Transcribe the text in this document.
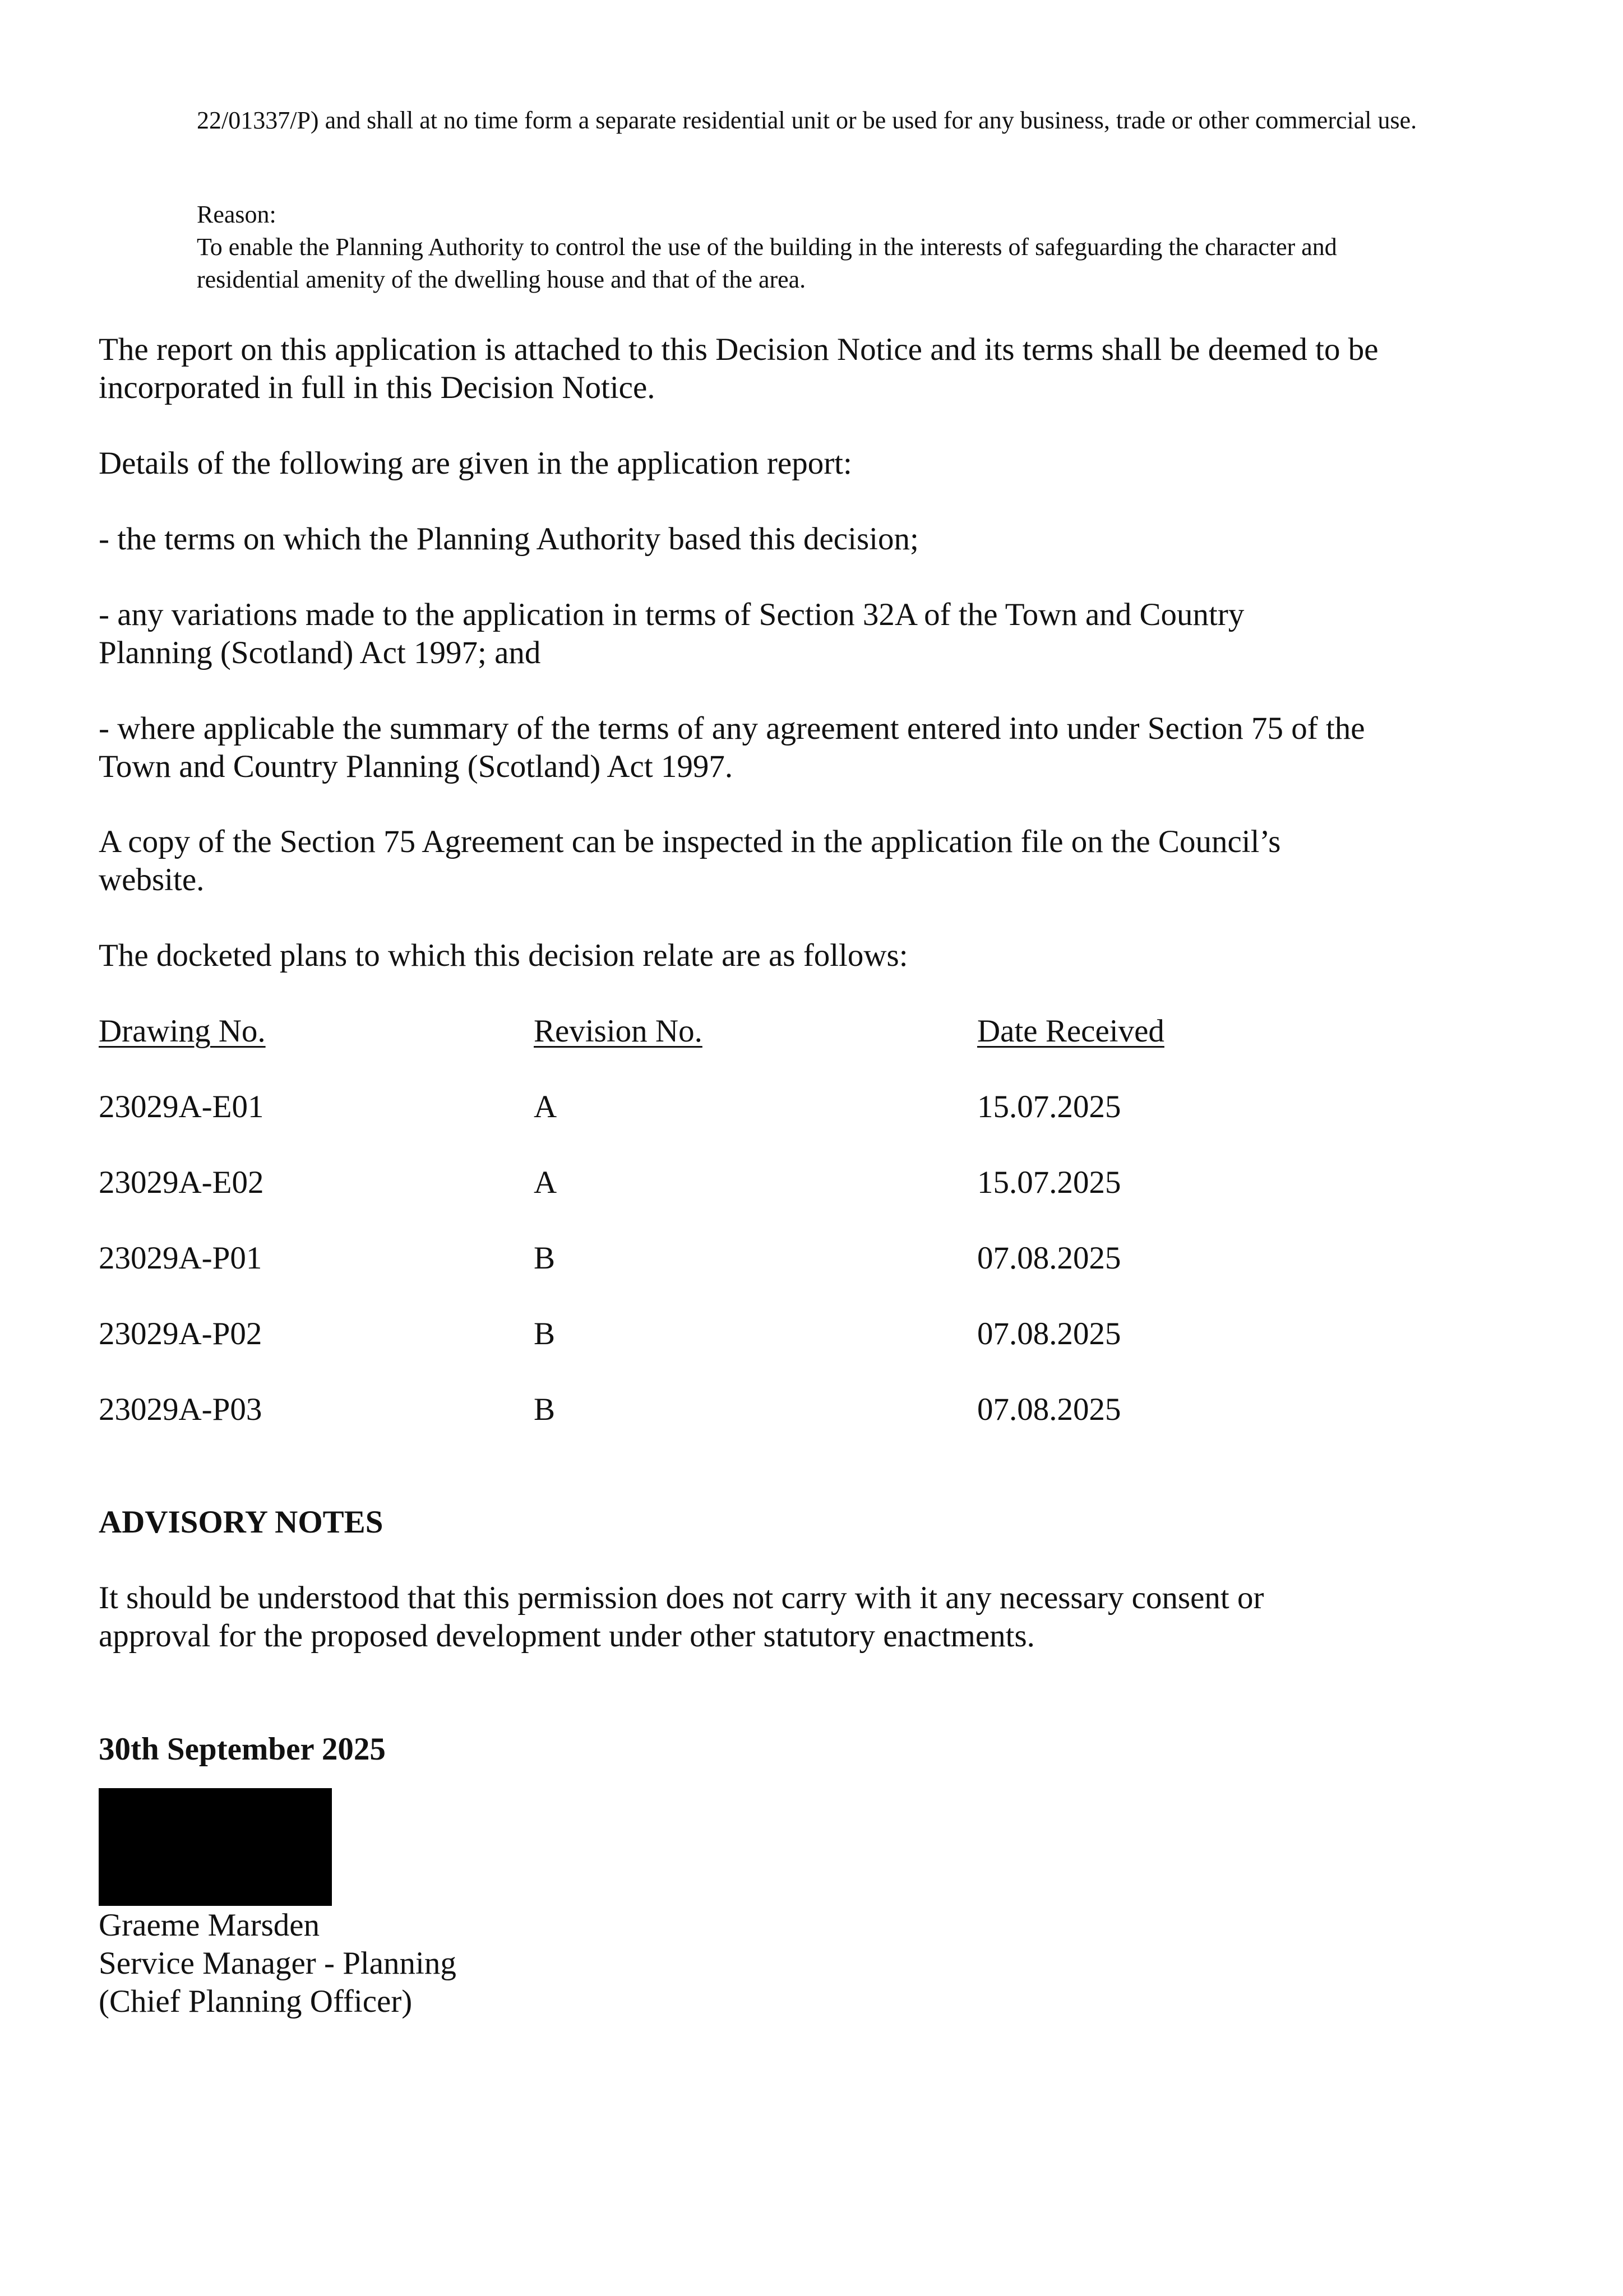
22/01337/P) and shall at no time form a separate residential unit or be used for any business, trade or other commercial use.
Reason:
To enable the Planning Authority to control the use of the building in the interests of safeguarding the character and residential amenity of the dwelling house and that of the area.
The report on this application is attached to this Decision Notice and its terms shall be deemed to be incorporated in full in this Decision Notice.
Details of the following are given in the application report:
- the terms on which the Planning Authority based this decision;
- any variations made to the application in terms of Section 32A of the Town and Country Planning (Scotland) Act 1997; and
- where applicable the summary of the terms of any agreement entered into under Section 75 of the Town and Country Planning (Scotland) Act 1997.
A copy of the Section 75 Agreement can be inspected in the application file on the Council’s website.
The docketed plans to which this decision relate are as follows:
Drawing No.	Revision No.	Date Received
23029A-E01	A	15.07.2025
23029A-E02	A	15.07.2025
23029A-P01	B	07.08.2025
23029A-P02	B	07.08.2025
23029A-P03	B	07.08.2025
ADVISORY NOTES
It should be understood that this permission does not carry with it any necessary consent or approval for the proposed development under other statutory enactments.
30th September 2025
Graeme Marsden
Service Manager - Planning
(Chief Planning Officer)
